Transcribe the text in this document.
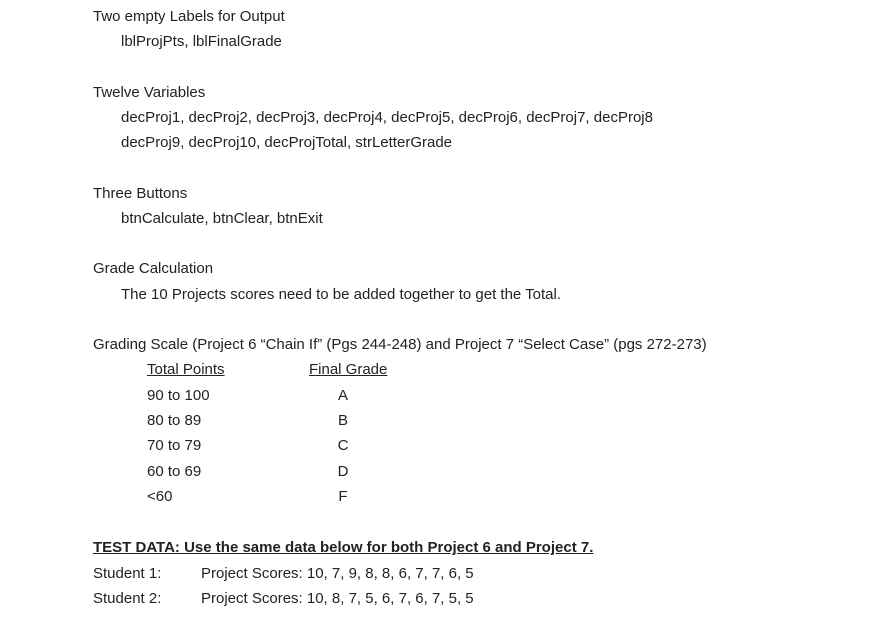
Two empty Labels for Output
lblProjPts, lblFinalGrade
Twelve Variables
decProj1, decProj2, decProj3, decProj4, decProj5, decProj6, decProj7, decProj8
decProj9, decProj10, decProjTotal, strLetterGrade
Three Buttons
btnCalculate, btnClear, btnExit
Grade Calculation
The 10 Projects scores need to be added together to get the Total.
Grading Scale (Project 6 “Chain If” (Pgs 244-248) and Project 7 “Select Case” (pgs 272-273)
Total Points	Final Grade
90 to 100	A
80 to 89	B
70 to 79	C
60 to 69	D
<60	F
TEST DATA: Use the same data below for both Project 6 and Project 7.
Student 1:	Project Scores: 10, 7, 9, 8, 8, 6, 7, 7, 6, 5
Student 2:	Project Scores: 10, 8, 7, 5, 6, 7, 6, 7, 5, 5
